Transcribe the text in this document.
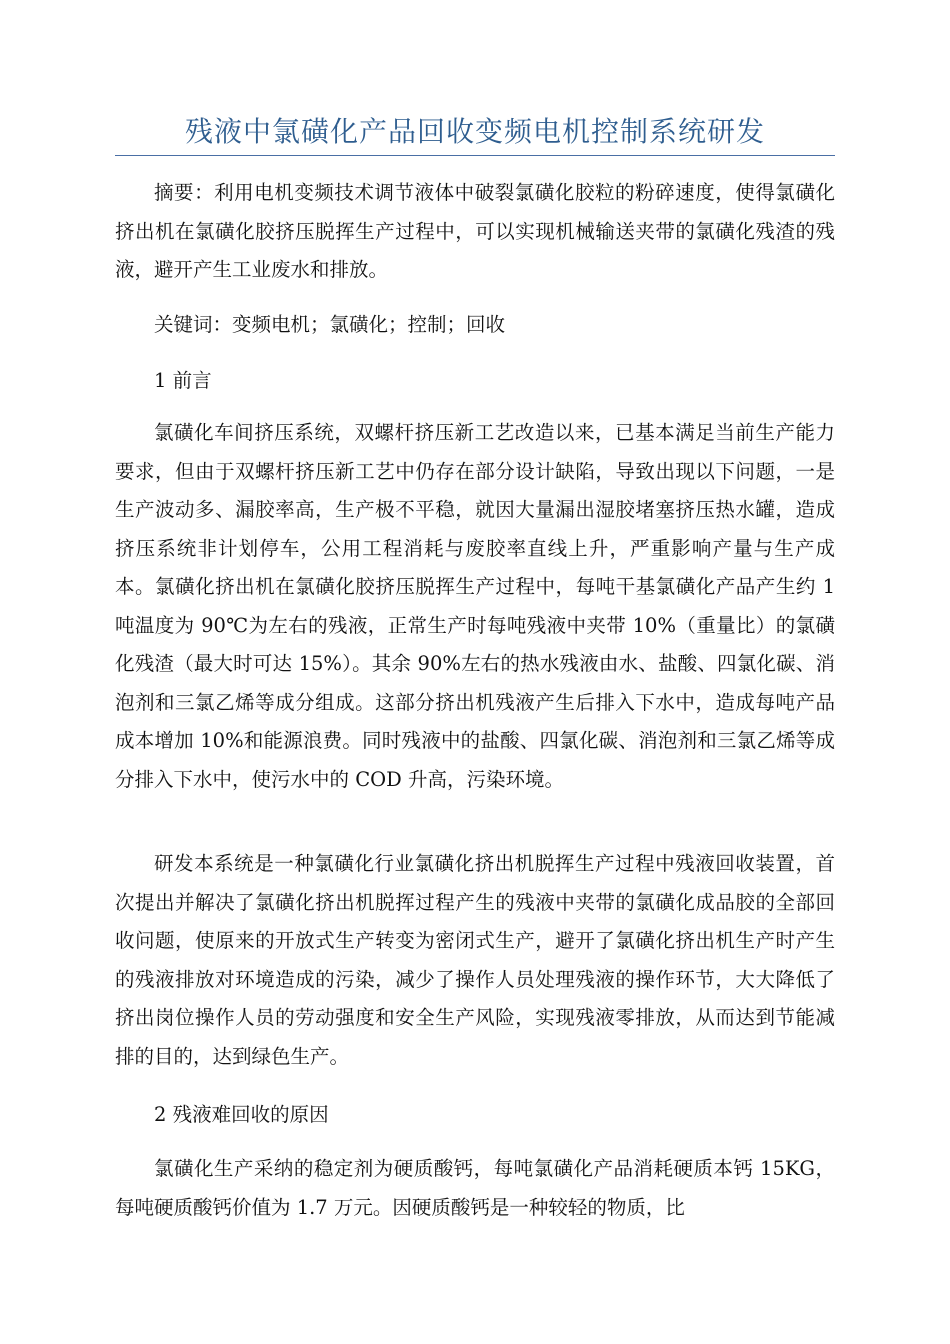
残液中氯磺化产品回收变频电机控制系统研发

摘要：利用电机变频技术调节液体中破裂氯磺化胶粒的粉碎速度，使得氯磺化挤出机在氯磺化胶挤压脱挥生产过程中，可以实现机械输送夹带的氯磺化残渣的残液，避开产生工业废水和排放。

关键词：变频电机；氯磺化；控制；回收

1 前言

氯磺化车间挤压系统，双螺杆挤压新工艺改造以来，已基本满足当前生产能力要求，但由于双螺杆挤压新工艺中仍存在部分设计缺陷，导致出现以下问题，一是生产波动多、漏胶率高，生产极不平稳，就因大量漏出湿胶堵塞挤压热水罐，造成挤压系统非计划停车，公用工程消耗与废胶率直线上升，严重影响产量与生产成本。氯磺化挤出机在氯磺化胶挤压脱挥生产过程中，每吨干基氯磺化产品产生约 1 吨温度为 90℃为左右的残液，正常生产时每吨残液中夹带 10%（重量比）的氯磺化残渣（最大时可达 15%）。其余 90%左右的热水残液由水、盐酸、四氯化碳、消泡剂和三氯乙烯等成分组成。这部分挤出机残液产生后排入下水中，造成每吨产品成本增加 10%和能源浪费。同时残液中的盐酸、四氯化碳、消泡剂和三氯乙烯等成分排入下水中，使污水中的 COD 升高，污染环境。

研发本系统是一种氯磺化行业氯磺化挤出机脱挥生产过程中残液回收装置，首次提出并解决了氯磺化挤出机脱挥过程产生的残液中夹带的氯磺化成品胶的全部回收问题，使原来的开放式生产转变为密闭式生产，避开了氯磺化挤出机生产时产生的残液排放对环境造成的污染，减少了操作人员处理残液的操作环节，大大降低了挤出岗位操作人员的劳动强度和安全生产风险，实现残液零排放，从而达到节能减排的目的，达到绿色生产。

2 残液难回收的原因

氯磺化生产采纳的稳定剂为硬质酸钙，每吨氯磺化产品消耗硬质本钙 15KG，每吨硬质酸钙价值为 1.7 万元。因硬质酸钙是一种较轻的物质，比
